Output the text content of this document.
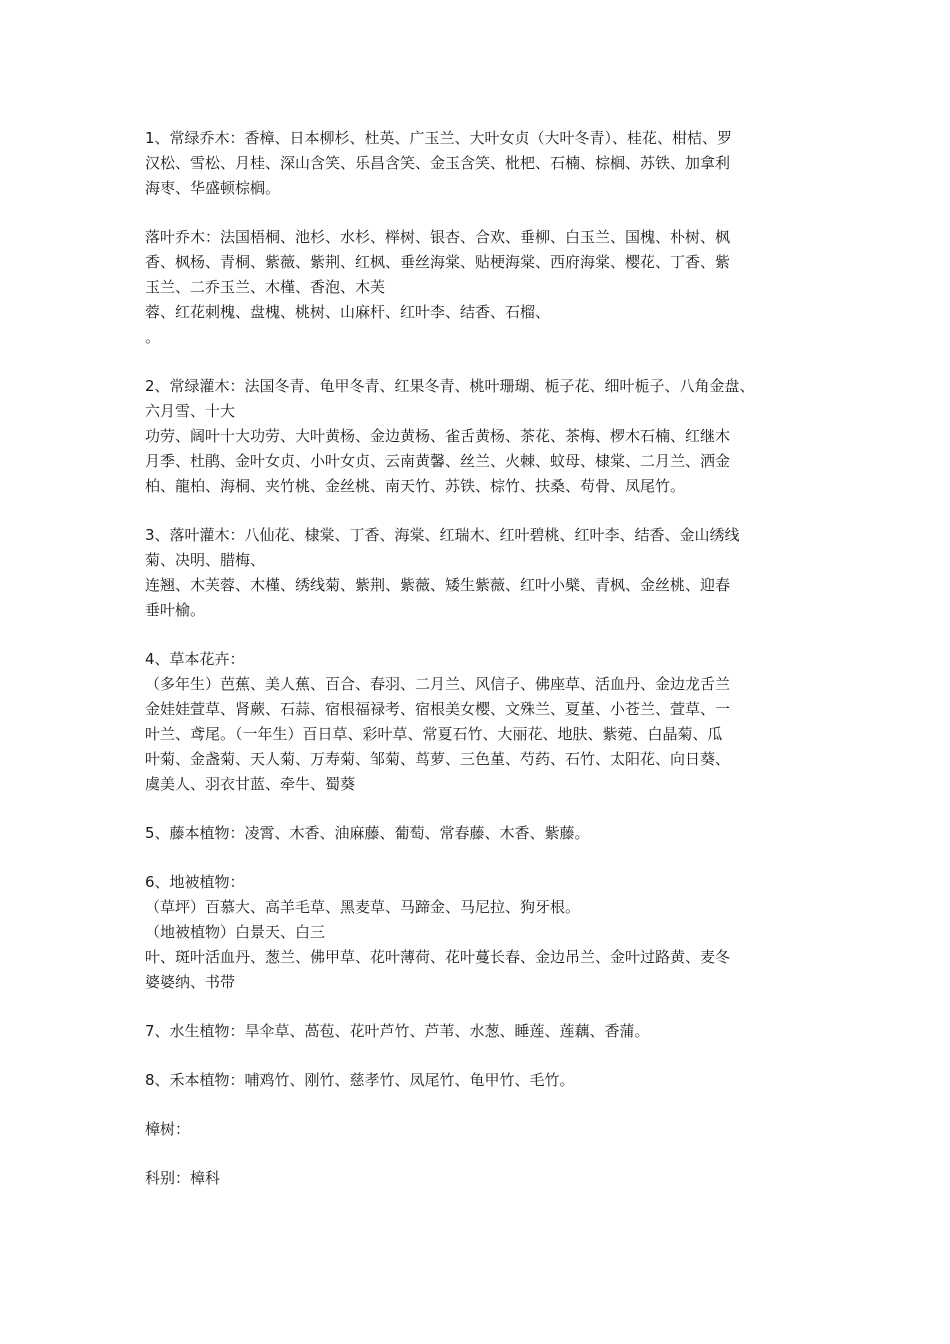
1、常绿乔木：香樟、日本柳杉、杜英、广玉兰、大叶女贞（大叶冬青）、桂花、柑桔、罗
汉松、雪松、月桂、深山含笑、乐昌含笑、金玉含笑、枇杷、石楠、棕榈、苏铁、加拿利
海枣、华盛顿棕榈。
落叶乔木：法国梧桐、池杉、水杉、榉树、银杏、合欢、垂柳、白玉兰、国槐、朴树、枫
香、枫杨、青桐、紫薇、紫荆、红枫、垂丝海棠、贴梗海棠、西府海棠、樱花、丁香、紫
玉兰、二乔玉兰、木槿、香泡、木芙
蓉、红花刺槐、盘槐、桃树、山麻杆、红叶李、结香、石榴、
。
2、常绿灌木：法国冬青、龟甲冬青、红果冬青、桃叶珊瑚、栀子花、细叶栀子、八角金盘、
六月雪、十大
功劳、阔叶十大功劳、大叶黄杨、金边黄杨、雀舌黄杨、茶花、茶梅、椤木石楠、红继木
月季、杜鹃、金叶女贞、小叶女贞、云南黄馨、丝兰、火棘、蚊母、棣棠、二月兰、洒金
柏、龍柏、海桐、夹竹桃、金丝桃、南天竹、苏铁、棕竹、扶桑、苟骨、凤尾竹。
3、落叶灌木：八仙花、棣棠、丁香、海棠、红瑞木、红叶碧桃、红叶李、结香、金山绣线
菊、决明、腊梅、
连翘、木芙蓉、木槿、绣线菊、紫荆、紫薇、矮生紫薇、红叶小檗、青枫、金丝桃、迎春
垂叶榆。
4、草本花卉：
（多年生）芭蕉、美人蕉、百合、春羽、二月兰、风信子、佛座草、活血丹、金边龙舌兰
金娃娃萱草、肾蕨、石蒜、宿根福禄考、宿根美女樱、文殊兰、夏堇、小苍兰、萱草、一
叶兰、鸢尾。（一年生）百日草、彩叶草、常夏石竹、大丽花、地肤、紫菀、白晶菊、瓜
叶菊、金盏菊、天人菊、万寿菊、邹菊、茑萝、三色堇、芍药、石竹、太阳花、向日葵、
虞美人、羽衣甘蓝、牵牛、蜀葵
5、藤本植物：凌霄、木香、油麻藤、葡萄、常春藤、木香、紫藤。
6、地被植物：
（草坪）百慕大、高羊毛草、黑麦草、马蹄金、马尼拉、狗牙根。
（地被植物）白景天、白三
叶、斑叶活血丹、葱兰、佛甲草、花叶薄荷、花叶蔓长春、金边吊兰、金叶过路黄、麦冬
婆婆纳、书带
7、水生植物：旱伞草、萵苞、花叶芦竹、芦苇、水葱、睡莲、莲藕、香蒲。
8、禾本植物：哺鸡竹、刚竹、慈孝竹、凤尾竹、龟甲竹、毛竹。
樟树：
科别：樟科
